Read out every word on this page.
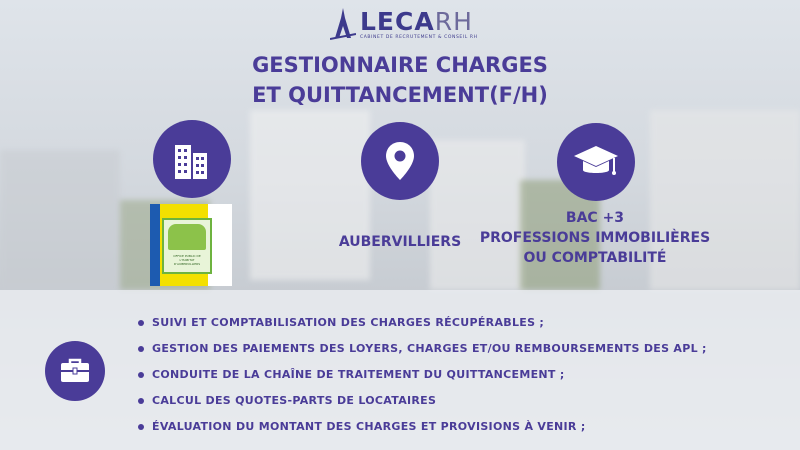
LECARH
CABINET DE RECRUTEMENT & CONSEIL RH
GESTIONNAIRE CHARGES
ET QUITTANCEMENT(F/H)
OFFICE PUBLIC DE L'HABITAT D'AUBERVILLIERS
AUBERVILLIERS
BAC +3
PROFESSIONS IMMOBILIÈRES
OU COMPTABILITÉ
SUIVI ET COMPTABILISATION DES CHARGES RÉCUPÉRABLES ;
GESTION DES PAIEMENTS DES LOYERS, CHARGES ET/OU REMBOURSEMENTS DES APL ;
CONDUITE DE LA CHAÎNE DE TRAITEMENT DU QUITTANCEMENT ;
CALCUL DES QUOTES-PARTS DE LOCATAIRES
ÉVALUATION DU MONTANT DES CHARGES ET PROVISIONS À VENIR ;
